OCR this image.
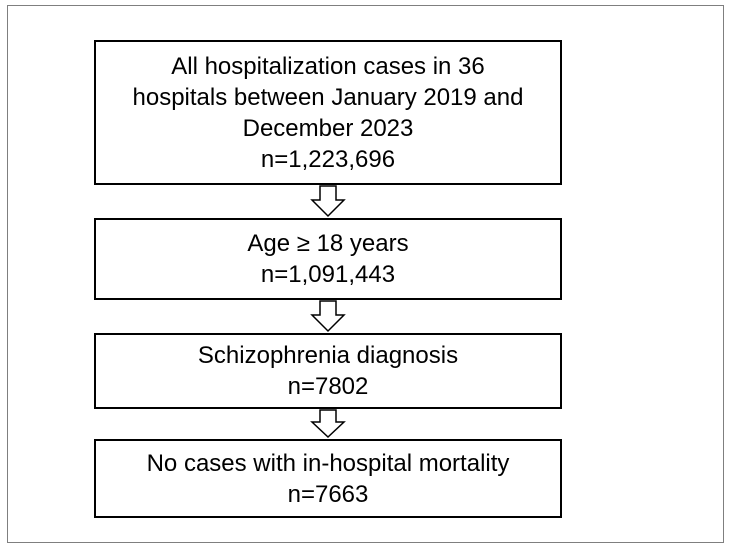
All hospitalization cases in 36
hospitals between January 2019 and
December 2023
n=1,223,696
Age ≥ 18 years
n=1,091,443
Schizophrenia diagnosis
n=7802
No cases with in-hospital mortality
n=7663
